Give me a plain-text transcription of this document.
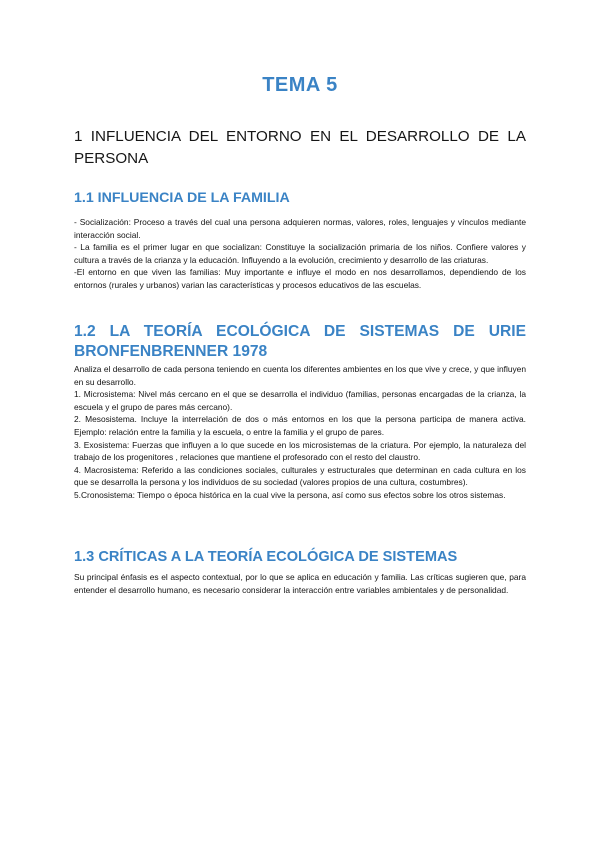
TEMA 5
1 INFLUENCIA DEL ENTORNO EN EL DESARROLLO DE LA PERSONA
1.1 INFLUENCIA DE LA FAMILIA

- Socialización: Proceso a través del cual una persona adquieren normas, valores, roles, lenguajes y vínculos mediante interacción social.

- La familia es el primer lugar en que socializan: Constituye la socialización primaria de los niños. Confiere valores y cultura a través de la crianza y la educación. Influyendo a la evolución, crecimiento y desarrollo de las criaturas.

-El entorno en que viven las familias: Muy importante e influye el modo en nos desarrollamos, dependiendo de los entornos (rurales y urbanos) varian las características y procesos educativos de las escuelas.

1.2 LA TEORÍA ECOLÓGICA DE SISTEMAS DE URIE BRONFENBRENNER 1978

Analiza el desarrollo de cada persona teniendo en cuenta los diferentes ambientes en los que vive y crece, y que influyen en su desarrollo.

1. Microsistema: Nivel más cercano en el que se desarrolla el individuo (familias, personas encargadas de la crianza, la escuela y el grupo de pares más cercano).

2. Mesosistema. Incluye la interrelación de dos o más entornos en los que la persona participa de manera activa. Ejemplo: relación entre la familia y la escuela, o entre la familia y el grupo de pares.

3. Exosistema: Fuerzas que influyen a lo que sucede en los microsistemas de la criatura. Por ejemplo, la naturaleza del trabajo de los progenitores , relaciones que mantiene el profesorado con el resto del claustro.

4. Macrosistema: Referido a las condiciones sociales, culturales y estructurales que determinan en cada cultura en los que se desarrolla la persona y los individuos de su sociedad (valores propios de una cultura, costumbres).

5.Cronosistema: Tiempo o época histórica en la cual vive la persona, así como sus efectos sobre los otros sistemas.

1.3 CRÍTICAS A LA TEORÍA ECOLÓGICA DE SISTEMAS

Su principal énfasis es el aspecto contextual, por lo que se aplica en educación y familia. Las críticas sugieren que, para entender el desarrollo humano, es necesario considerar la interacción entre variables ambientales y de personalidad.
